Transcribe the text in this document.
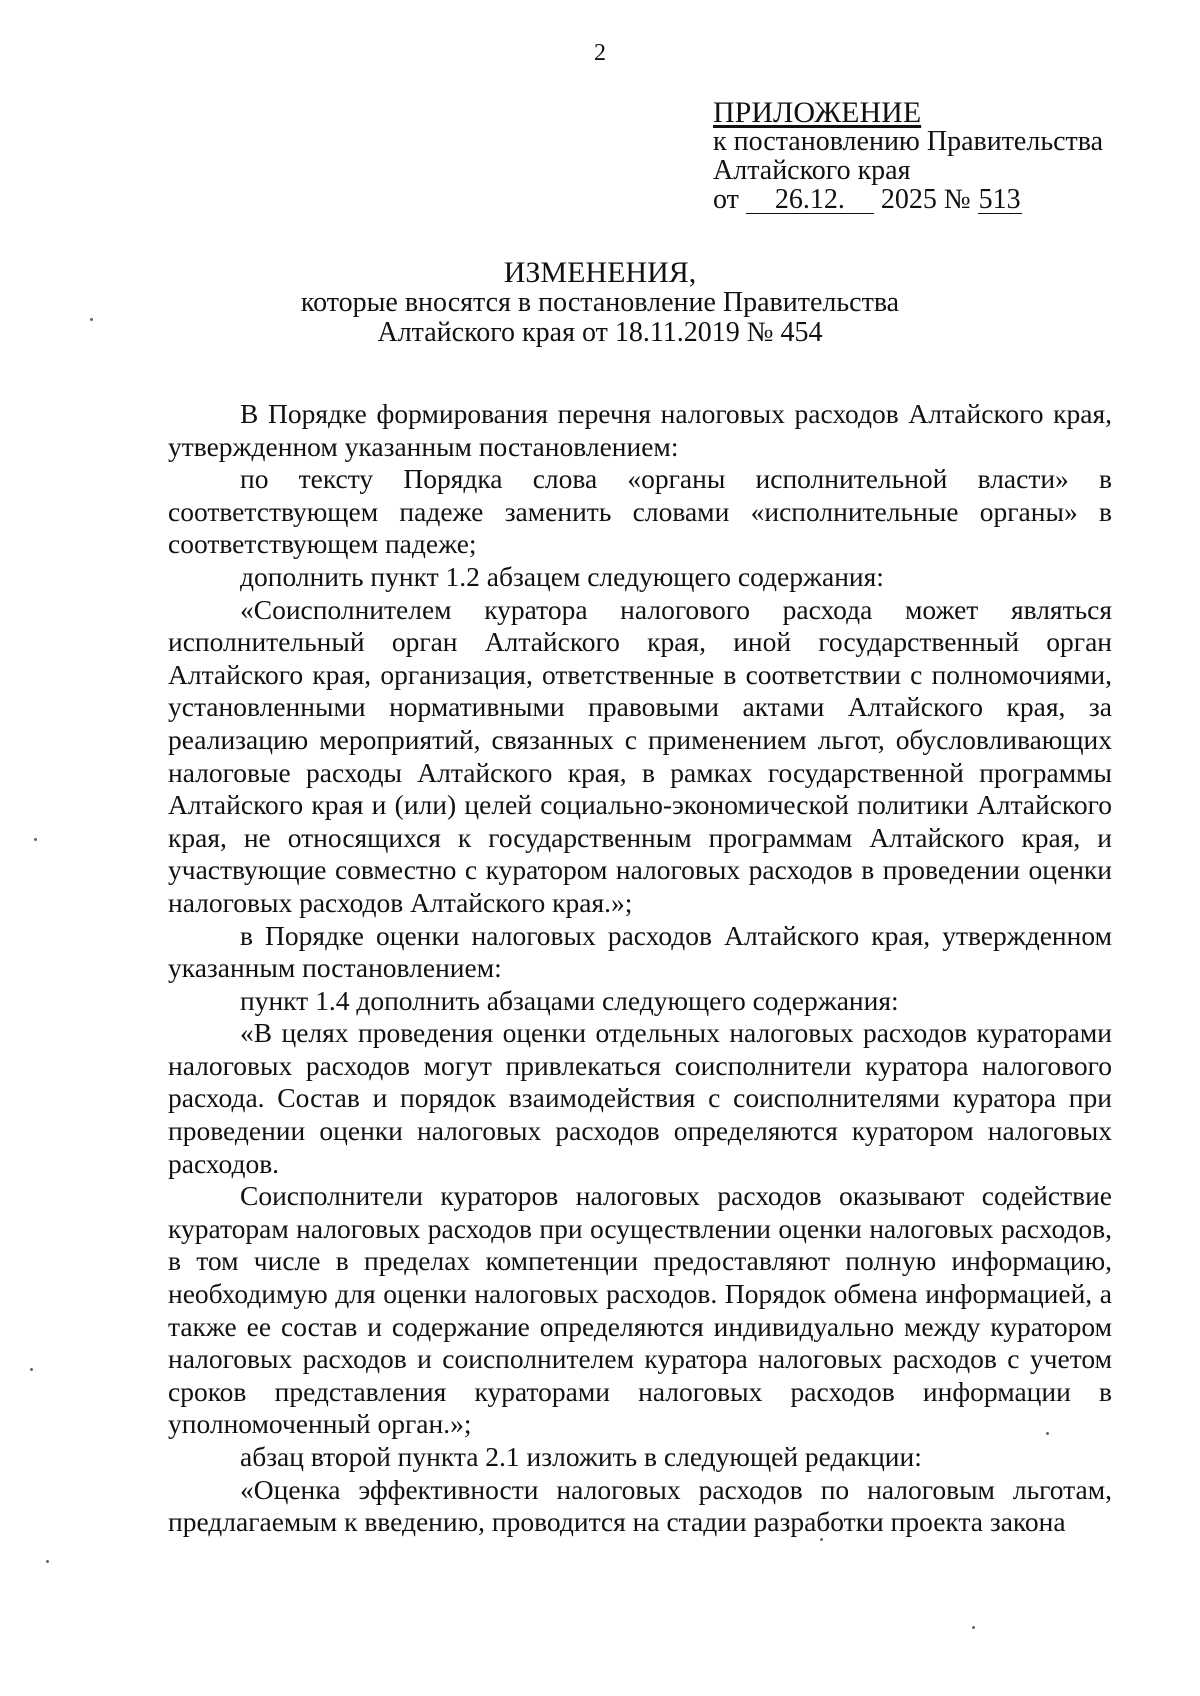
2
ПРИЛОЖЕНИЕ
к постановлению Правительства
Алтайского края
от 26.12. 2025 № 513
ИЗМЕНЕНИЯ,
которые вносятся в постановление Правительства
Алтайского края от 18.11.2019 № 454

В Порядке формирования перечня налоговых расходов Алтайского края, утвержденном указанным постановлением:

по тексту Порядка слова «органы исполнительной власти» в соответствующем падеже заменить словами «исполнительные органы» в соответствующем падеже;

дополнить пункт 1.2 абзацем следующего содержания:

«Соисполнителем куратора налогового расхода может являться исполнительный орган Алтайского края, иной государственный орган Алтайского края, организация, ответственные в соответствии с полномочиями, установленными нормативными правовыми актами Алтайского края, за реализацию мероприятий, связанных с применением льгот, обусловливающих налоговые расходы Алтайского края, в рамках государственной программы Алтайского края и (или) целей социально-экономической политики Алтайского края, не относящихся к государственным программам Алтайского края, и участвующие совместно с куратором налоговых расходов в проведении оценки налоговых расходов Алтайского края.»;

в Порядке оценки налоговых расходов Алтайского края, утвержденном указанным постановлением:

пункт 1.4 дополнить абзацами следующего содержания:

«В целях проведения оценки отдельных налоговых расходов кураторами налоговых расходов могут привлекаться соисполнители куратора налогового расхода. Состав и порядок взаимодействия с соисполнителями куратора при проведении оценки налоговых расходов определяются куратором налоговых расходов.

Соисполнители кураторов налоговых расходов оказывают содействие кураторам налоговых расходов при осуществлении оценки налоговых расходов, в том числе в пределах компетенции предоставляют полную информацию, необходимую для оценки налоговых расходов. Порядок обмена информацией, а также ее состав и содержание определяются индивидуально между куратором налоговых расходов и соисполнителем куратора налоговых расходов с учетом сроков представления кураторами налоговых расходов информации в уполномоченный орган.»;

абзац второй пункта 2.1 изложить в следующей редакции:

«Оценка эффективности налоговых расходов по налоговым льготам, предлагаемым к введению, проводится на стадии разработки проекта закона
